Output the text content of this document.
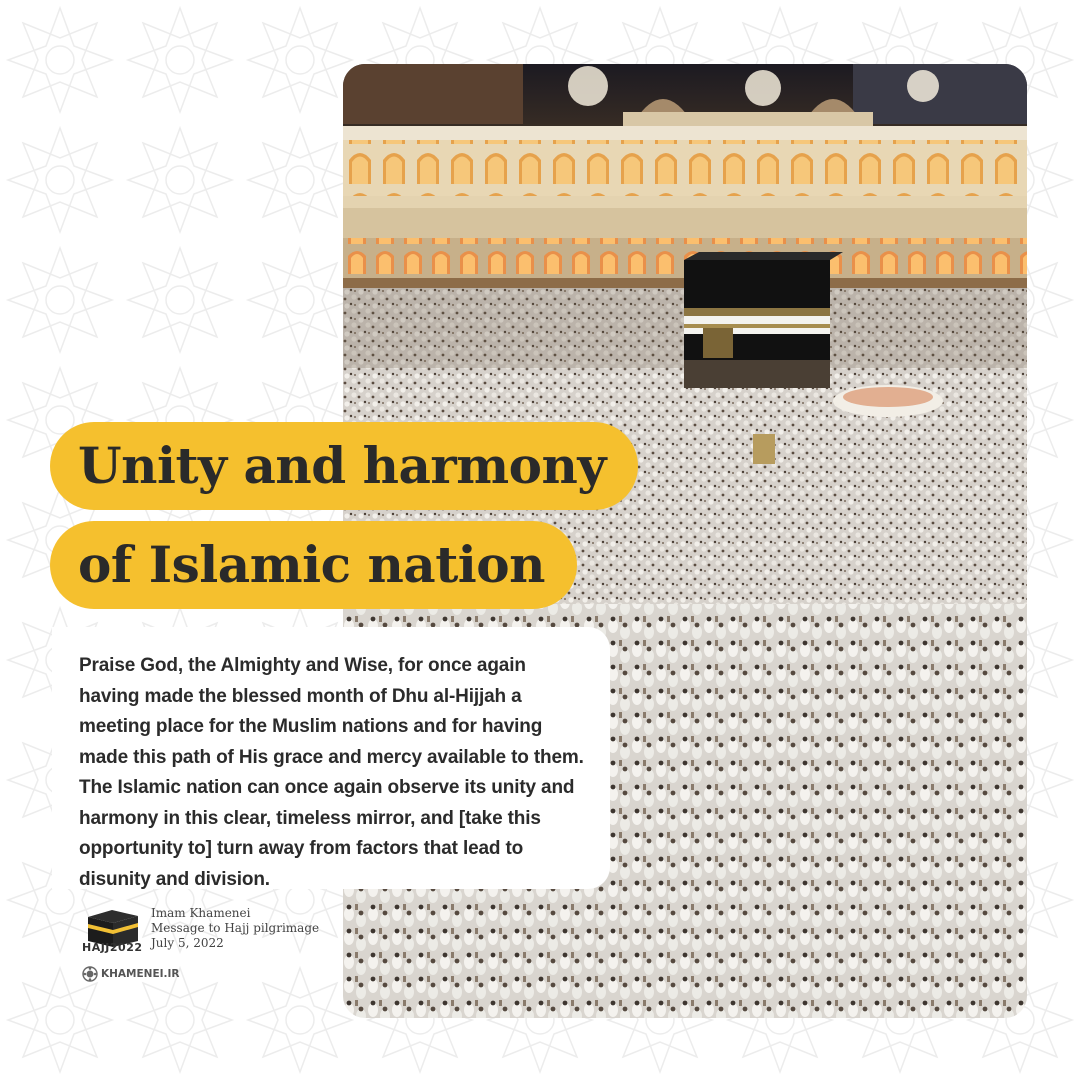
Unity and harmony
of Islamic nation

Praise God, the Almighty and Wise, for once again having made the blessed month of Dhu al-Hijjah a meeting place for the Muslim nations and for having made this path of His grace and mercy available to them. The Islamic nation can once again observe its unity and harmony in this clear, timeless mirror, and [take this opportunity to] turn away from factors that lead to disunity and division.

HAJJ2022
Imam Khamenei
Message to Hajj pilgrimage
July 5, 2022
KHAMENEI.IR
